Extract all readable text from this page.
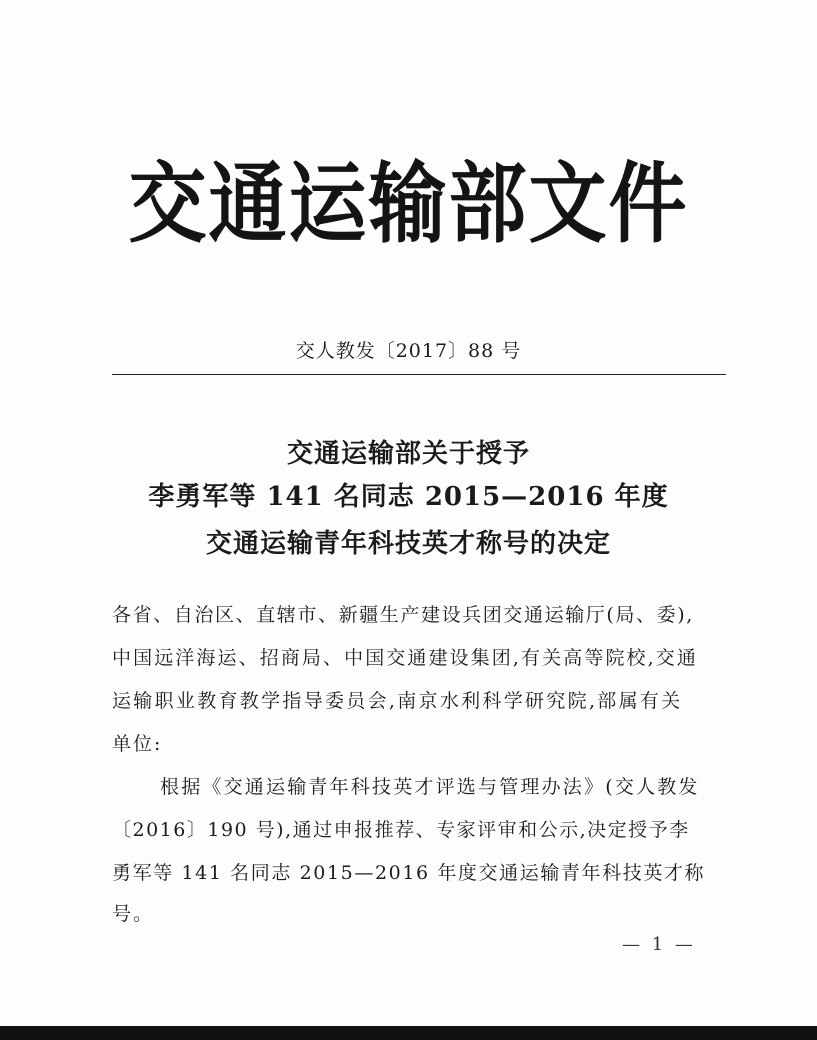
交通运输部文件
交人教发〔2017〕88 号
交通运输部关于授予
李勇军等 141 名同志 2015—2016 年度
交通运输青年科技英才称号的决定
各省、自治区、直辖市、新疆生产建设兵团交通运输厅(局、委),
中国远洋海运、招商局、中国交通建设集团,有关高等院校,交通
运输职业教育教学指导委员会,南京水利科学研究院,部属有关
单位:
根据《交通运输青年科技英才评选与管理办法》(交人教发
〔2016〕190 号),通过申报推荐、专家评审和公示,决定授予李
勇军等 141 名同志 2015—2016 年度交通运输青年科技英才称
号。
— 1 —
